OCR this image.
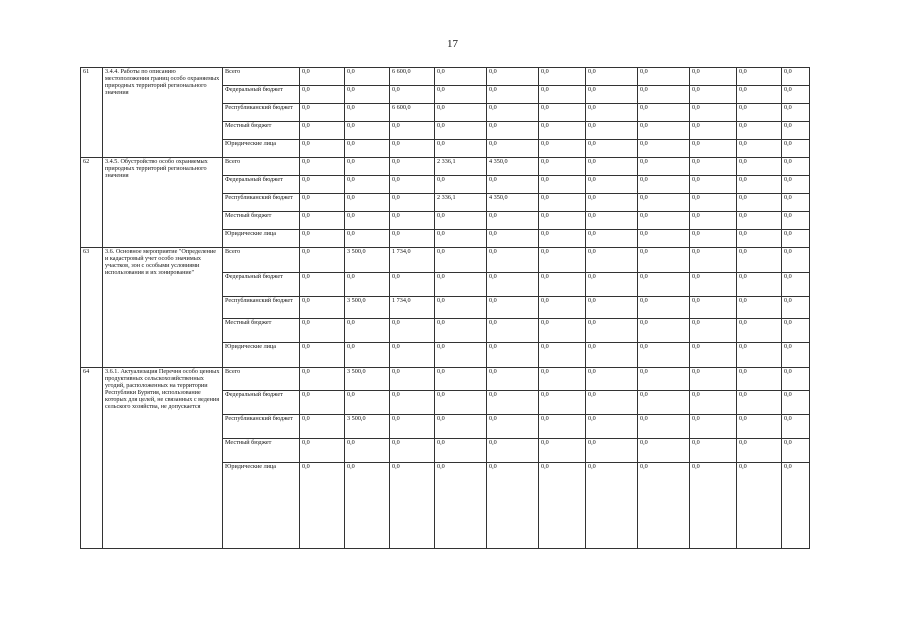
17
61	3.4.4. Работы по описанию местоположения границ особо охраняемых природных территорий регионального значения	Всего	0,0	0,0	6 600,0	0,0	0,0	0,0	0,0	0,0	0,0	0,0	0,0
		Федеральный бюджет	0,0	0,0	0,0	0,0	0,0	0,0	0,0	0,0	0,0	0,0	0,0
		Республиканский бюджет	0,0	0,0	6 600,0	0,0	0,0	0,0	0,0	0,0	0,0	0,0	0,0
		Местный бюджет	0,0	0,0	0,0	0,0	0,0	0,0	0,0	0,0	0,0	0,0	0,0
		Юридические лица	0,0	0,0	0,0	0,0	0,0	0,0	0,0	0,0	0,0	0,0	0,0
62	3.4.5. Обустройство особо охраняемых природных территорий регионального значения	Всего	0,0	0,0	0,0	2 336,1	4 350,0	0,0	0,0	0,0	0,0	0,0	0,0
		Федеральный бюджет	0,0	0,0	0,0	0,0	0,0	0,0	0,0	0,0	0,0	0,0	0,0
		Республиканский бюджет	0,0	0,0	0,0	2 336,1	4 350,0	0,0	0,0	0,0	0,0	0,0	0,0
		Местный бюджет	0,0	0,0	0,0	0,0	0,0	0,0	0,0	0,0	0,0	0,0	0,0
		Юридические лица	0,0	0,0	0,0	0,0	0,0	0,0	0,0	0,0	0,0	0,0	0,0
63	3.6. Основное мероприятие "Определение и кадастровый учет особо значимых участков, зон с особыми условиями использования и их зонирование"	Всего	0,0	3 500,0	1 734,0	0,0	0,0	0,0	0,0	0,0	0,0	0,0	0,0
		Федеральный бюджет	0,0	0,0	0,0	0,0	0,0	0,0	0,0	0,0	0,0	0,0	0,0
		Республиканский бюджет	0,0	3 500,0	1 734,0	0,0	0,0	0,0	0,0	0,0	0,0	0,0	0,0
		Местный бюджет	0,0	0,0	0,0	0,0	0,0	0,0	0,0	0,0	0,0	0,0	0,0
		Юридические лица	0,0	0,0	0,0	0,0	0,0	0,0	0,0	0,0	0,0	0,0	0,0
64	3.6.1. Актуализация Перечня особо ценных продуктивных сельскохозяйственных угодий, расположенных на территории Республики Бурятия, использование которых для целей, не связанных с ведения сельского хозяйства, не допускается	Всего	0,0	3 500,0	0,0	0,0	0,0	0,0	0,0	0,0	0,0	0,0	0,0
		Федеральный бюджет	0,0	0,0	0,0	0,0	0,0	0,0	0,0	0,0	0,0	0,0	0,0
		Республиканский бюджет	0,0	3 500,0	0,0	0,0	0,0	0,0	0,0	0,0	0,0	0,0	0,0
		Местный бюджет	0,0	0,0	0,0	0,0	0,0	0,0	0,0	0,0	0,0	0,0	0,0
		Юридические лица	0,0	0,0	0,0	0,0	0,0	0,0	0,0	0,0	0,0	0,0	0,0
